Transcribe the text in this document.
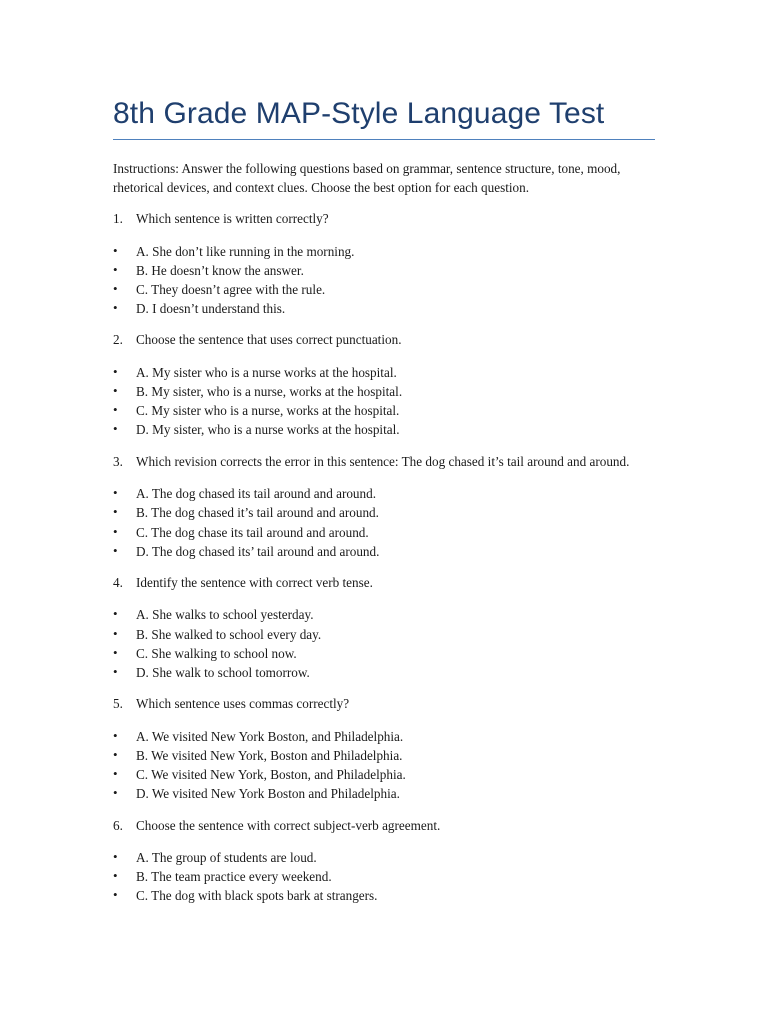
8th Grade MAP-Style Language Test

Instructions: Answer the following questions based on grammar, sentence structure, tone, mood, rhetorical devices, and context clues. Choose the best option for each question.

1. Which sentence is written correctly?
•	A. She don’t like running in the morning.
•	B. He doesn’t know the answer.
•	C. They doesn’t agree with the rule.
•	D. I doesn’t understand this.
2. Choose the sentence that uses correct punctuation.
•	A. My sister who is a nurse works at the hospital.
•	B. My sister, who is a nurse, works at the hospital.
•	C. My sister who is a nurse, works at the hospital.
•	D. My sister, who is a nurse works at the hospital.
3. Which revision corrects the error in this sentence: The dog chased it’s tail around and around.
•	A. The dog chased its tail around and around.
•	B. The dog chased it’s tail around and around.
•	C. The dog chase its tail around and around.
•	D. The dog chased its’ tail around and around.
4. Identify the sentence with correct verb tense.
•	A. She walks to school yesterday.
•	B. She walked to school every day.
•	C. She walking to school now.
•	D. She walk to school tomorrow.
5. Which sentence uses commas correctly?
•	A. We visited New York Boston, and Philadelphia.
•	B. We visited New York, Boston and Philadelphia.
•	C. We visited New York, Boston, and Philadelphia.
•	D. We visited New York Boston and Philadelphia.
6. Choose the sentence with correct subject-verb agreement.
•	A. The group of students are loud.
•	B. The team practice every weekend.
•	C. The dog with black spots bark at strangers.
